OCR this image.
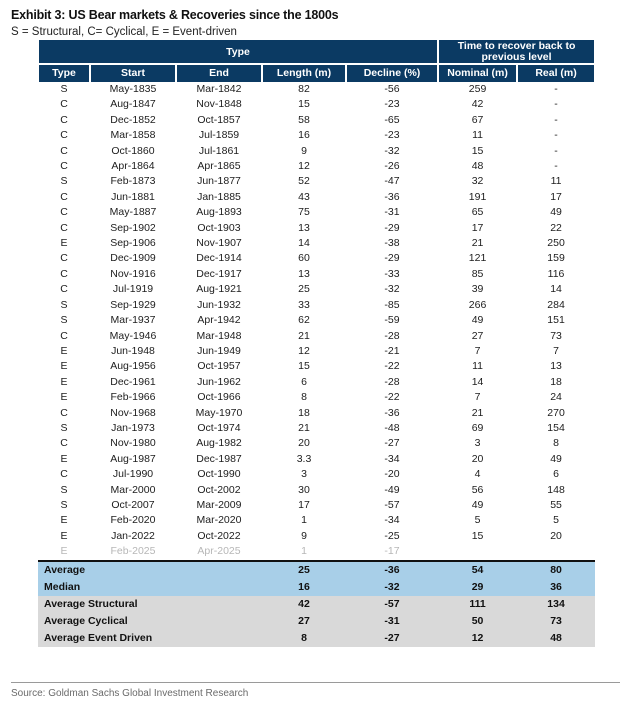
Exhibit 3: US Bear markets & Recoveries since the 1800s
S = Structural, C= Cyclical, E = Event-driven
Type					Time to recover back to previous level	

Type	Start	End	Length (m)	Decline (%)	Nominal (m)	Real (m)
S	May-1835	Mar-1842	82	-56	259	-
C	Aug-1847	Nov-1848	15	-23	42	-
C	Dec-1852	Oct-1857	58	-65	67	-
C	Mar-1858	Jul-1859	16	-23	11	-
C	Oct-1860	Jul-1861	9	-32	15	-
C	Apr-1864	Apr-1865	12	-26	48	-
S	Feb-1873	Jun-1877	52	-47	32	11
C	Jun-1881	Jan-1885	43	-36	191	17
C	May-1887	Aug-1893	75	-31	65	49
C	Sep-1902	Oct-1903	13	-29	17	22
E	Sep-1906	Nov-1907	14	-38	21	250
C	Dec-1909	Dec-1914	60	-29	121	159
C	Nov-1916	Dec-1917	13	-33	85	116
C	Jul-1919	Aug-1921	25	-32	39	14
S	Sep-1929	Jun-1932	33	-85	266	284
S	Mar-1937	Apr-1942	62	-59	49	151
C	May-1946	Mar-1948	21	-28	27	73
E	Jun-1948	Jun-1949	12	-21	7	7
E	Aug-1956	Oct-1957	15	-22	11	13
E	Dec-1961	Jun-1962	6	-28	14	18
E	Feb-1966	Oct-1966	8	-22	7	24
C	Nov-1968	May-1970	18	-36	21	270
S	Jan-1973	Oct-1974	21	-48	69	154
C	Nov-1980	Aug-1982	20	-27	3	8
E	Aug-1987	Dec-1987	3.3	-34	20	49
C	Jul-1990	Oct-1990	3	-20	4	6
S	Mar-2000	Oct-2002	30	-49	56	148
S	Oct-2007	Mar-2009	17	-57	49	55
E	Feb-2020	Mar-2020	1	-34	5	5
E	Jan-2022	Oct-2022	9	-25	15	20
E	Feb-2025	Apr-2025	1	-17		
Average			25	-36	54	80
Median			16	-32	29	36
Average Structural			42	-57	111	134
Average Cyclical			27	-31	50	73
Average Event Driven			8	-27	12	48
Source: Goldman Sachs Global Investment Research
